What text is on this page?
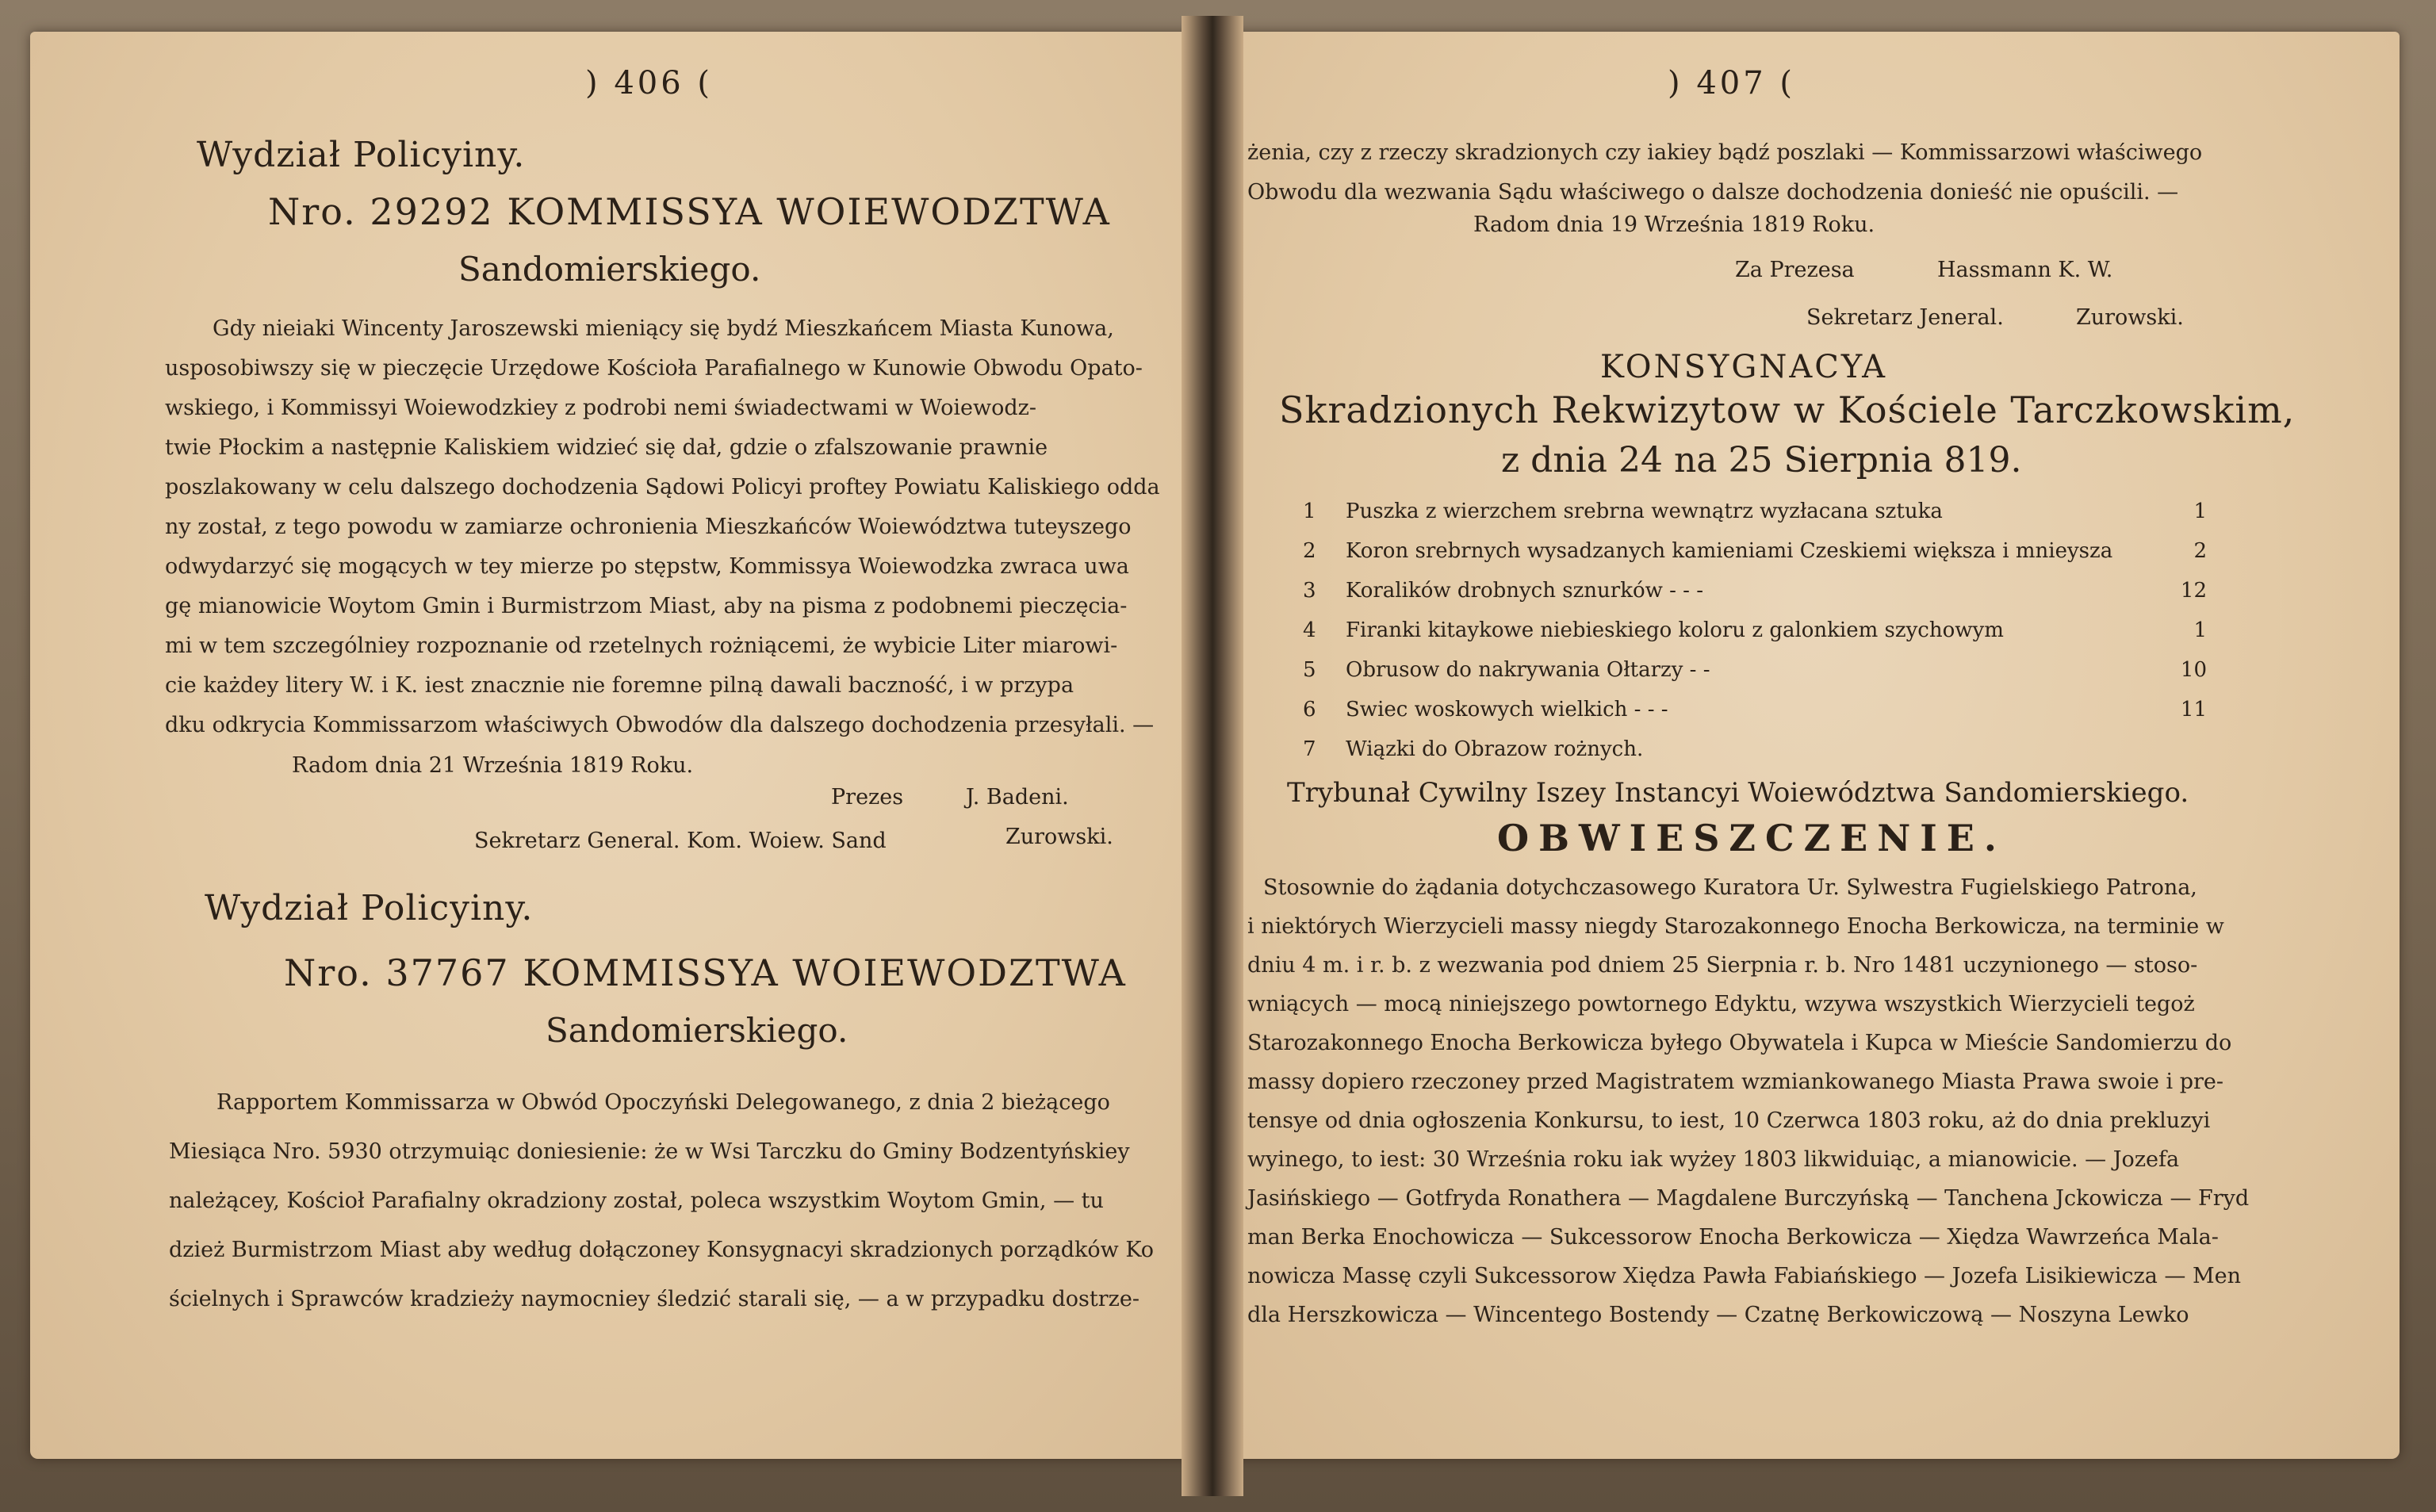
) 406 (
Wydział Policyiny.
Nro. 29292 KOMMISSYA WOIEWODZTWA
Sandomierskiego.

Gdy nieiaki Wincenty Jaroszewski mieniący się bydź Mieszkańcem Miasta Kunowa,

usposobiwszy się w pieczęcie Urzędowe Kościoła Parafialnego w Kunowie Obwodu Opato-

wskiego, i Kommissyi Woiewodzkiey z podrobi nemi świadectwami w Woiewodz-

twie Płockim a następnie Kaliskiem widzieć się dał, gdzie o zfalszowanie prawnie

poszlakowany w celu dalszego dochodzenia Sądowi Policyi proftey Powiatu Kaliskiego oddа

ny został, z tego powodu w zamiarze ochronienia Mieszkańców Woiewództwa tuteyszego

odwydarzyć się mogących w tey mierze po stępstw, Kommissya Woiewodzka zwraca uwa

gę mianowicie Woytom Gmin i Burmistrzom Miast, aby na pisma z podobnemi pieczęcia-

mi w tem szczególniey rozpoznanie od rzetelnych rożniącemi, że wybicie Liter miarowi-

cie każdey litery W. i K. iest znacznie nie foremne pilną dawali baczność, i w przypa

dku odkrycia Kommissarzom właściwych Obwodów dla dalszego dochodzenia przesyłali. —

Radom dnia 21 Września 1819 Roku.
Prezes	J. Badeni.
Sekretarz General. Kom. Woiew. Sand	Zurowski.
Wydział Policyiny.
Nro. 37767 KOMMISSYA WOIEWODZTWA
Sandomierskiego.

Rapportem Kommissarza w Obwód Opoczyński Delegowanego, z dnia 2 bieżącego

Miesiąca Nro. 5930 otrzymuiąc doniesienie: że w Wsi Tarczku do Gminy Bodzentyńskiey

należącey, Kościoł Parafialny okradziony został, poleca wszystkim Woytom Gmin, — tu

dzież Burmistrzom Miast aby według dołączoney Konsygnacyi skradzionych porządków Ko

ścielnych i Sprawców kradzieży naymocniey śledzić starali się, — a w przypadku dostrze-

) 407 (

żenia, czy z rzeczy skradzionych czy iakiey bądź poszlaki — Kommissarzowi właściwego

Obwodu dla wezwania Sądu właściwego o dalsze dochodzenia donieść nie opuścili. —

Radom dnia 19 Września 1819 Roku.
Za Prezesa	Hassmann K. W.
Sekretarz Jeneral.	Zurowski.
KONSYGNACYA
Skradzionych Rekwizytow w Kościele Tarczkowskim,
z dnia 24 na 25 Sierpnia 819.
1 Puszka z wierzchem srebrna wewnątrz wyzłacana sztuka	1
2 Koron srebrnych wysadzanych kamieniami Czeskiemi większa i mnieysza	2
3 Koralików drobnych sznurków - - -	12
4 Firanki kitaykowe niebieskiego koloru z galonkiem szychowym	1
5 Obrusow do nakrywania Ołtarzy - -	10
6 Swiec woskowych wielkich - - -	11
7 Wiązki do Obrazow rożnych.
Trybunał Cywilny Iszey Instancyi Woiewództwa Sandomierskiego.
OBWIESZCZENIE.

Stosownie do żądania dotychczasowego Kuratora Ur. Sylwestra Fugielskiego Patrona,

i niektórych Wierzycieli massy niegdy Starozakonnego Enocha Berkowicza, na terminie w

dniu 4 m. i r. b. z wezwania pod dniem 25 Sierpnia r. b. Nro 1481 uczynionego — stoso-

wniących — mocą niniejszego powtornego Edyktu, wzywa wszystkich Wierzycieli tegoż

Starozakonnego Enocha Berkowicza byłego Obywatela i Kupca w Mieście Sandomierzu do

massy dopiero rzeczoney przed Magistratem wzmiankowanego Miasta Prawa swoie i pre-

tensye od dnia ogłoszenia Konkursu, to iest, 10 Czerwca 1803 roku, aż do dnia prekluzyi

wyinego, to iest: 30 Września roku iak wyżey 1803 likwiduiąc, a mianowicie. — Jozefa

Jasińskiego — Gotfryda Ronathera — Magdalene Burczyńską — Tanchena Jckowicza — Fryd

man Berka Enochowicza — Sukcessorow Enocha Berkowicza — Xiędza Wawrzeńca Mala-

nowicza Massę czyli Sukcessorow Xiędza Pawła Fabiańskiego — Jozefa Lisikiewicza — Men

dla Herszkowicza — Wincentego Bostendy — Czatnę Berkowiczową — Noszyna Lewko
